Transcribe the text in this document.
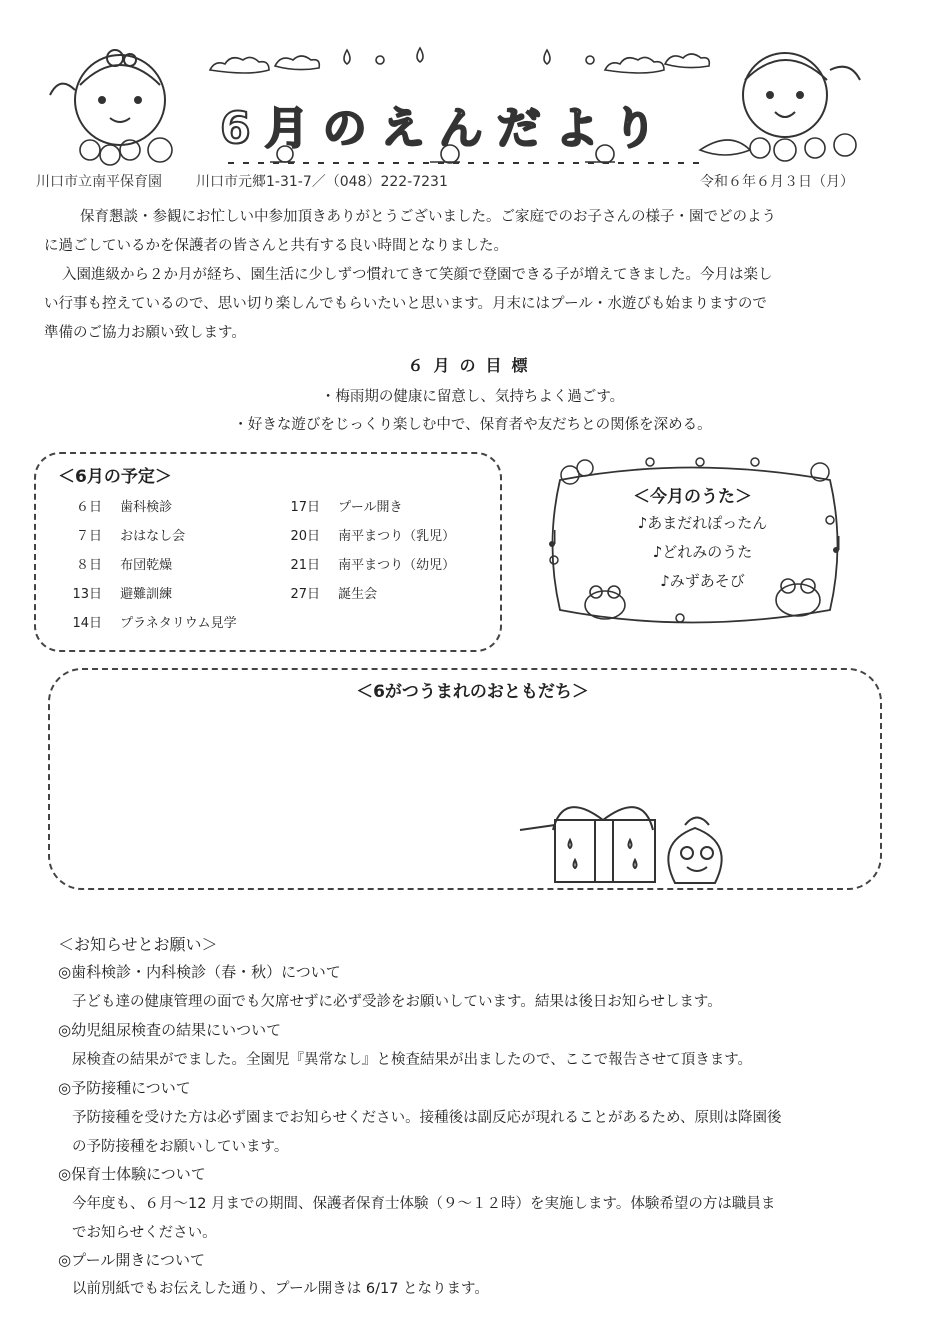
6月のえんだより
川口市立南平保育園 川口市元郷1-31-7／（048）222-7231	令和６年６月３日（月）
保育懇談・参観にお忙しい中参加頂きありがとうございました。ご家庭でのお子さんの様子・園でどのよう
に過ごしているかを保護者の皆さんと共有する良い時間となりました。
入園進級から２か月が経ち、園生活に少しずつ慣れてきて笑顔で登園できる子が増えてきました。今月は楽し
い行事も控えているので、思い切り楽しんでもらいたいと思います。月末にはプール・水遊びも始まりますので
準備のご協力お願い致します。
６月の目標
・梅雨期の健康に留意し、気持ちよく過ごす。
・好きな遊びをじっくり楽しむ中で、保育者や友だちとの関係を深める。
＜6月の予定＞
６日 歯科検診
７日 おはなし会
８日 布団乾燥
13日 避難訓練
14日 プラネタリウム見学
17日 プール開き
20日 南平まつり（乳児）
21日 南平まつり（幼児）
27日 誕生会
＜今月のうた＞
♪あまだれぽったん
♪どれみのうた
♪みずあそび
＜6がつうまれのおともだち＞
＜お知らせとお願い＞
◎歯科検診・内科検診（春・秋）について
子ども達の健康管理の面でも欠席せずに必ず受診をお願いしています。結果は後日お知らせします。
◎幼児組尿検査の結果にいついて
尿検査の結果がでました。全園児『異常なし』と検査結果が出ましたので、ここで報告させて頂きます。
◎予防接種について
予防接種を受けた方は必ず園までお知らせください。接種後は副反応が現れることがあるため、原則は降園後
の予防接種をお願いしています。
◎保育士体験について
今年度も、６月～12 月までの期間、保護者保育士体験（９～１２時）を実施します。体験希望の方は職員ま
でお知らせください。
◎プール開きについて
以前別紙でもお伝えした通り、プール開きは 6/17 となります。
